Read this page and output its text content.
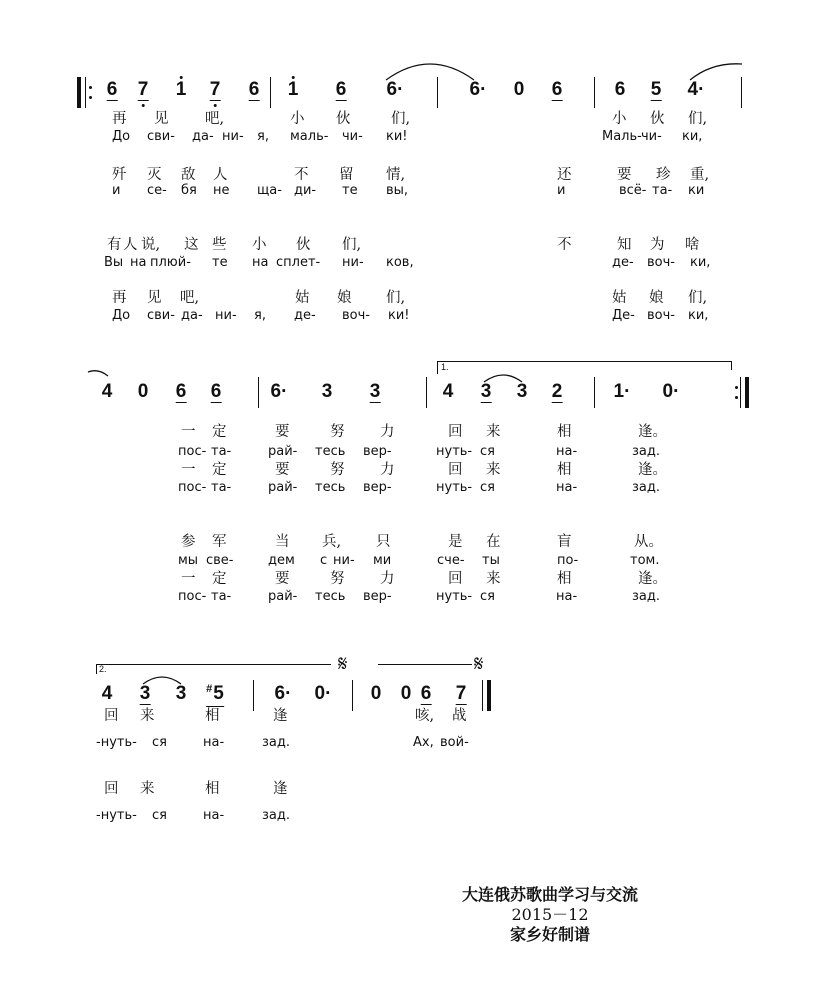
6 7 1 7 6 1 6 6·	6· 0 6	6 5 4·
再 见	吧,	小 伙	们,	小 伙 们,
До сви- да- ни- я, маль- чи- ки!	Маль- чи- ки,
歼 灭 敌 人	不 留 情,	还	要 珍 重,
и се- бя не ща- ди- те вы,	и	всё- та- ки
有 人 说, 这 些 小 伙 们,	不	知 为 啥
Вы на плюй- те на сплет- ни- ков,	де- воч- ки,
再 见 吧,	姑 娘 们,	姑 娘 们,
До сви- да- ни- я, де- воч- ки!	Де- воч- ки,
4 0 6 6	6· 3 3	4 3 3 2	1· 0·
一 定	要	努 力	回 来	相	逢。
пос- та-	рай- тесь вер-	нуть- ся	на-	зад.
一 定	要	努 力	回 来	相	逢。
пос- та-	рай- тесь вер-	нуть- ся	на-	зад.
参 军	当 兵, 只	是 在	盲	从。
мы све-	дем с ни- ми	сче- ты	по-	том.
一 定	要	努 力	回 来	相	逢。
пос- та-	рай- тесь вер-	нуть- ся	на-	зад.
4 3 3 #5	6· 0· 0 0 6 7
回 来	相	逢	咳, 战
-нуть- ся	на-	зад.	Ах, вой-
回 来	相	逢
-нуть- ся	на-	зад.
1.
2.	𝄋	𝄋
大连俄苏歌曲学习与交流
2015－12
家乡好制谱
